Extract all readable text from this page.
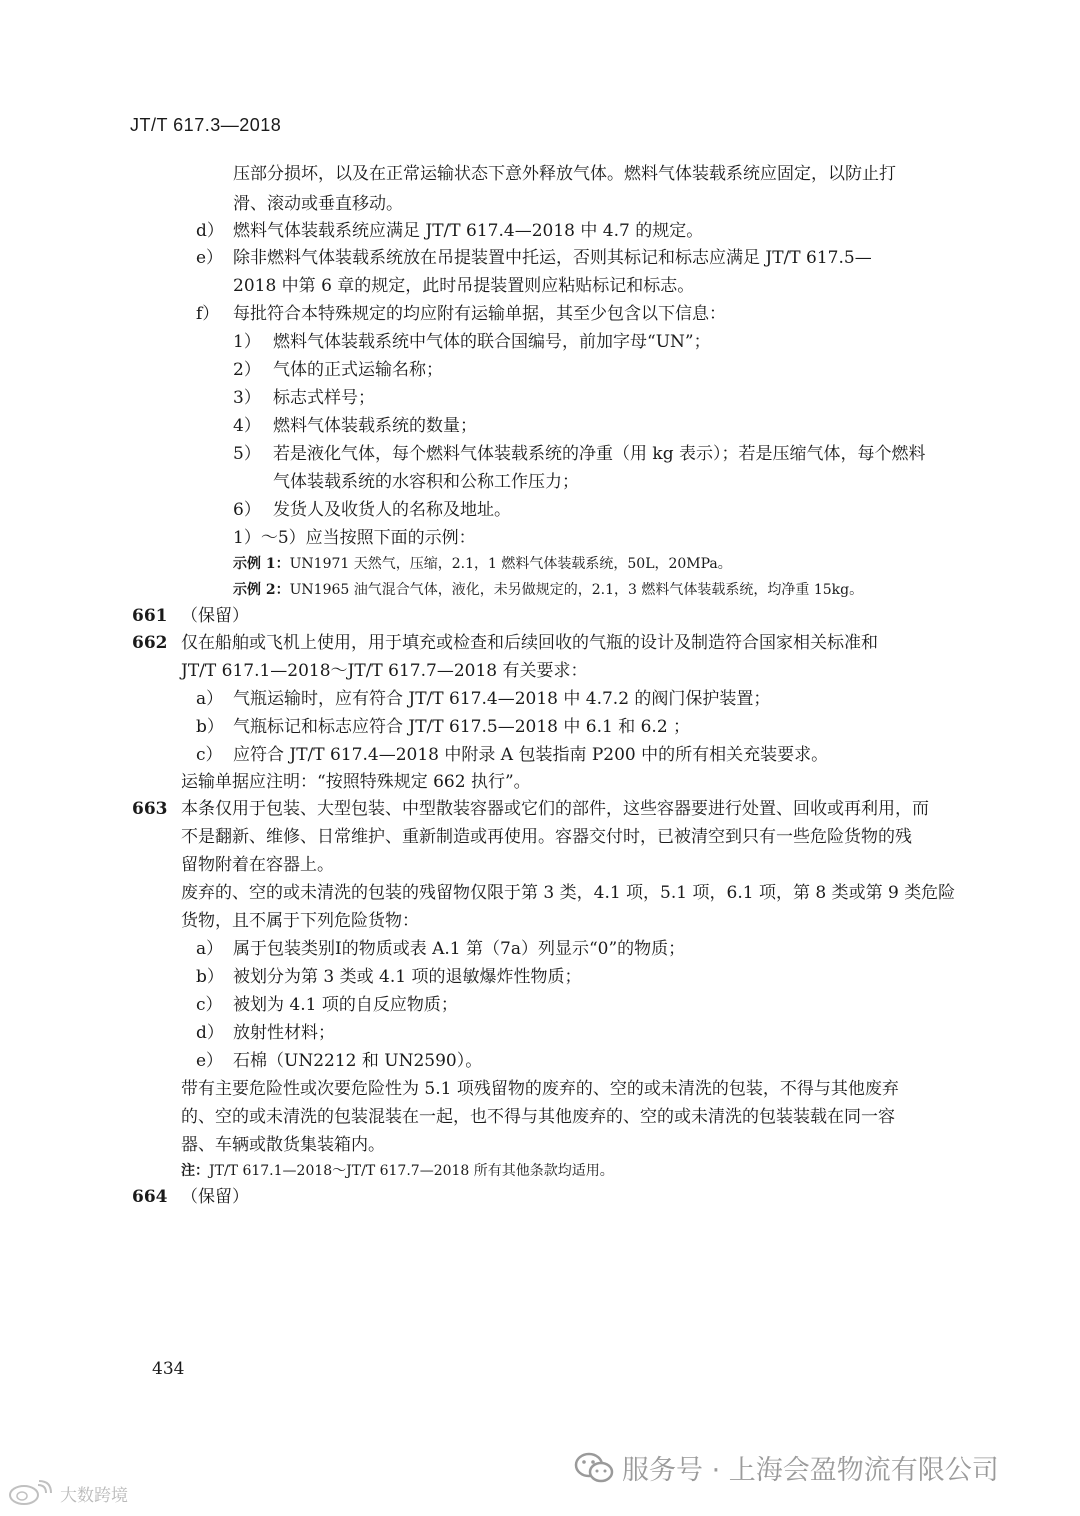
JT/T 617.3—2018
661
662
663
664
压部分损坏，以及在正常运输状态下意外释放气体。燃料气体装载系统应固定，以防止打
滑、滚动或垂直移动。
d） 燃料气体装载系统应满足 JT/T 617.4—2018 中 4.7 的规定。
e） 除非燃料气体装载系统放在吊提装置中托运，否则其标记和标志应满足 JT/T 617.5—
2018 中第 6 章的规定，此时吊提装置则应粘贴标记和标志。
f） 每批符合本特殊规定的均应附有运输单据，其至少包含以下信息：
1） 燃料气体装载系统中气体的联合国编号，前加字母“UN”；
2） 气体的正式运输名称；
3） 标志式样号；
4） 燃料气体装载系统的数量；
5） 若是液化气体，每个燃料气体装载系统的净重（用 kg 表示）；若是压缩气体，每个燃料
气体装载系统的水容积和公称工作压力；
6） 发货人及收货人的名称及地址。
1）～5）应当按照下面的示例：
示例 1：UN1971 天然气，压缩，2.1，1 燃料气体装载系统，50L，20MPa。
示例 2：UN1965 油气混合气体，液化，未另做规定的，2.1，3 燃料气体装载系统，均净重 15kg。
（保留）
仅在船舶或飞机上使用，用于填充或检查和后续回收的气瓶的设计及制造符合国家相关标准和
JT/T 617.1—2018～JT/T 617.7—2018 有关要求：
a） 气瓶运输时，应有符合 JT/T 617.4—2018 中 4.7.2 的阀门保护装置；
b） 气瓶标记和标志应符合 JT/T 617.5—2018 中 6.1 和 6.2 ；
c） 应符合 JT/T 617.4—2018 中附录 A 包装指南 P200 中的所有相关充装要求。
运输单据应注明：“按照特殊规定 662 执行”。
本条仅用于包装、大型包装、中型散装容器或它们的部件，这些容器要进行处置、回收或再利用，而
不是翻新、维修、日常维护、重新制造或再使用。容器交付时，已被清空到只有一些危险货物的残
留物附着在容器上。
废弃的、空的或未清洗的包装的残留物仅限于第 3 类，4.1 项，5.1 项，6.1 项，第 8 类或第 9 类危险
货物，且不属于下列危险货物：
a） 属于包装类别Ⅰ的物质或表 A.1 第（7a）列显示“0”的物质；
b） 被划分为第 3 类或 4.1 项的退敏爆炸性物质；
c） 被划为 4.1 项的自反应物质；
d） 放射性材料；
e） 石棉（UN2212 和 UN2590）。
带有主要危险性或次要危险性为 5.1 项残留物的废弃的、空的或未清洗的包装，不得与其他废弃
的、空的或未清洗的包装混装在一起，也不得与其他废弃的、空的或未清洗的包装装载在同一容
器、车辆或散货集装箱内。
注：JT/T 617.1—2018～JT/T 617.7—2018 所有其他条款均适用。
（保留）
434
服务号 · 上海会盈物流有限公司
大数跨境
